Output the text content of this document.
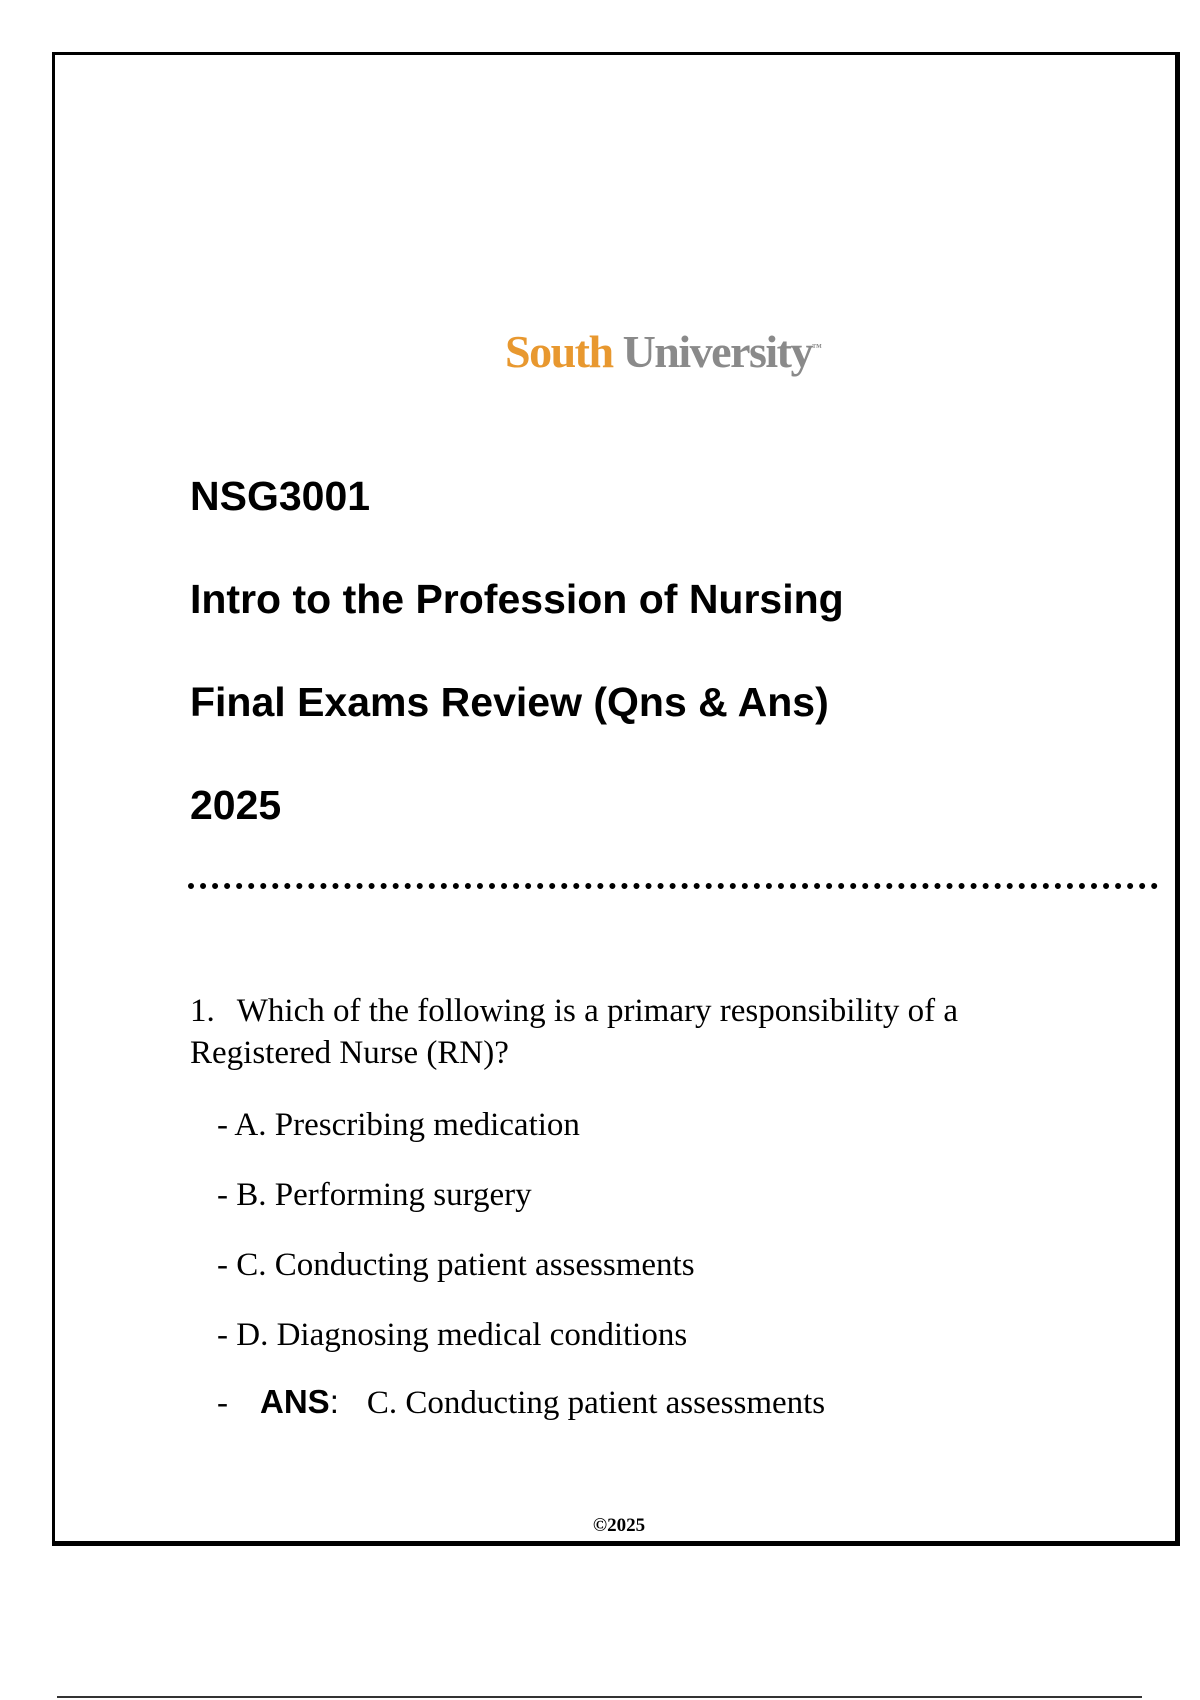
South University™
NSG3001
Intro to the Profession of Nursing
Final Exams Review (Qns & Ans)
2025
1. Which of the following is a primary responsibility of a Registered Nurse (RN)?
- A. Prescribing medication
- B. Performing surgery
- C. Conducting patient assessments
- D. Diagnosing medical conditions
- ANS: C. Conducting patient assessments
©2025
